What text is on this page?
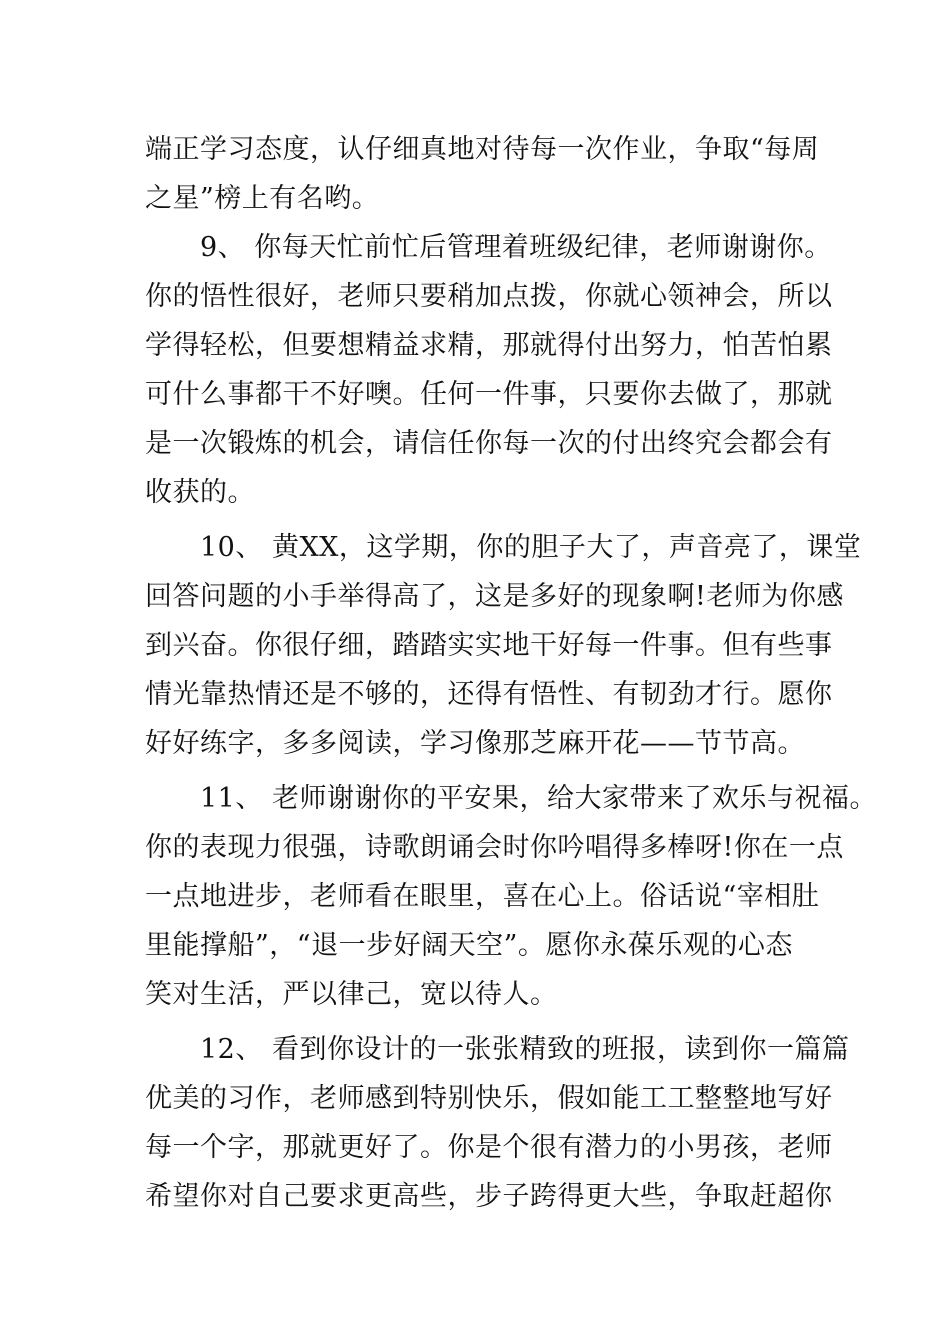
端正学习态度，认仔细真地对待每一次作业，争取“每周
之星”榜上有名哟。
9、 你每天忙前忙后管理着班级纪律，老师谢谢你。
你的悟性很好，老师只要稍加点拨，你就心领神会，所以
学得轻松，但要想精益求精，那就得付出努力，怕苦怕累
可什么事都干不好噢。任何一件事，只要你去做了，那就
是一次锻炼的机会，请信任你每一次的付出终究会都会有
收获的。
10、 黄XX，这学期，你的胆子大了，声音亮了，课堂
回答问题的小手举得高了，这是多好的现象啊!老师为你感
到兴奋。你很仔细，踏踏实实地干好每一件事。但有些事
情光靠热情还是不够的，还得有悟性、有韧劲才行。愿你
好好练字，多多阅读，学习像那芝麻开花——节节高。
11、 老师谢谢你的平安果，给大家带来了欢乐与祝福。
你的表现力很强，诗歌朗诵会时你吟唱得多棒呀!你在一点
一点地进步，老师看在眼里，喜在心上。俗话说“宰相肚
里能撑船”，“退一步好阔天空”。愿你永葆乐观的心态
笑对生活，严以律己，宽以待人。
12、 看到你设计的一张张精致的班报，读到你一篇篇
优美的习作，老师感到特别快乐，假如能工工整整地写好
每一个字，那就更好了。你是个很有潜力的小男孩，老师
希望你对自己要求更高些，步子跨得更大些，争取赶超你
